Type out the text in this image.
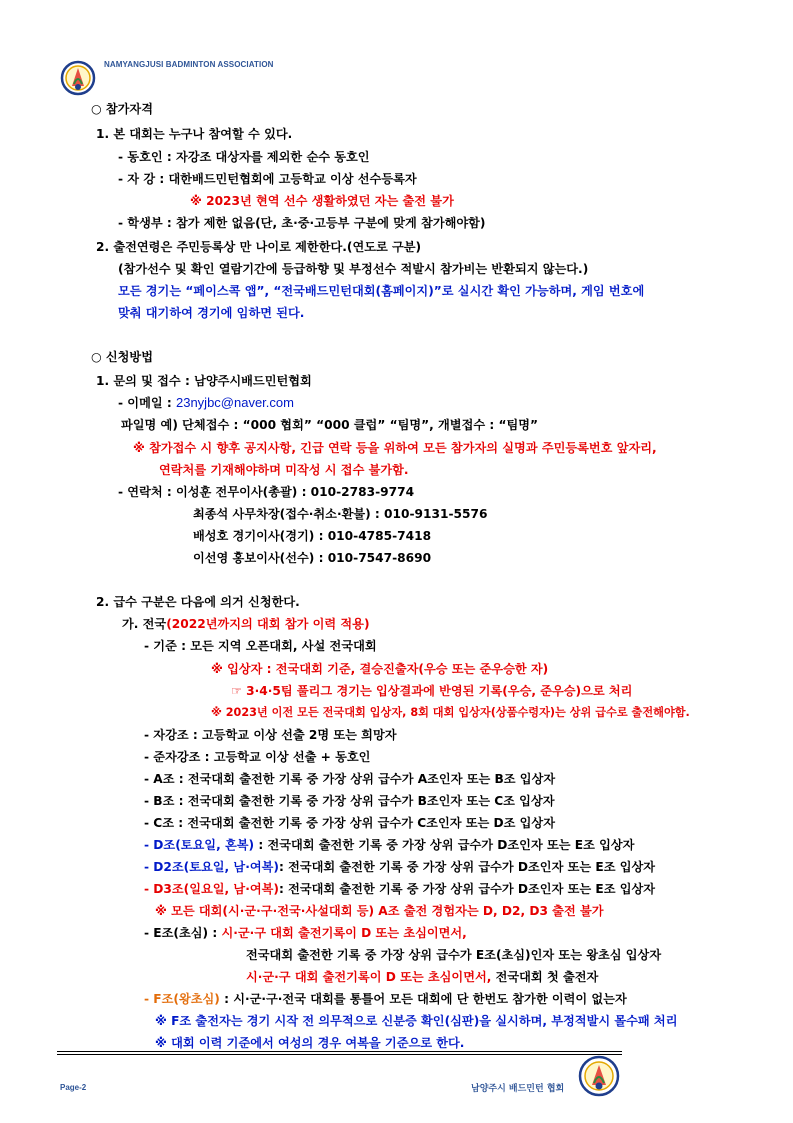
NAMYANGJUSI BADMINTON ASSOCIATION
○ 참가자격
1. 본 대회는 누구나 참여할 수 있다.
- 동호인 : 자강조 대상자를 제외한 순수 동호인
- 자 강 : 대한배드민턴협회에 고등학교 이상 선수등록자
※ 2023년 현역 선수 생활하였던 자는 출전 불가
- 학생부 : 참가 제한 없음(단, 초·중·고등부 구분에 맞게 참가해야함)
2. 출전연령은 주민등록상 만 나이로 제한한다.(연도로 구분)
(참가선수 및 확인 열람기간에 등급하향 및 부정선수 적발시 참가비는 반환되지 않는다.)
모든 경기는 “페이스콕 앱”, “전국배드민턴대회(홈페이지)”로 실시간 확인 가능하며, 게임 번호에
맞춰 대기하여 경기에 임하면 된다.
○ 신청방법
1. 문의 및 접수 : 남양주시배드민턴협회
- 이메일 : 23nyjbc@naver.com
파일명 예) 단체접수 : “000 협회” “000 클럽” “팀명”, 개별접수 : “팀명”
※ 참가접수 시 향후 공지사항, 긴급 연락 등을 위하여 모든 참가자의 실명과 주민등록번호 앞자리,
연락처를 기재해야하며 미작성 시 접수 불가함.
- 연락처 : 이성훈 전무이사(총괄) : 010-2783-9774
최종석 사무차장(접수·취소·환불) : 010-9131-5576
배성호 경기이사(경기) : 010-4785-7418
이선영 홍보이사(선수) : 010-7547-8690
2. 급수 구분은 다음에 의거 신청한다.
가. 전국(2022년까지의 대회 참가 이력 적용)
- 기준 : 모든 지역 오픈대회, 사설 전국대회
※ 입상자 : 전국대회 기준, 결승진출자(우승 또는 준우승한 자)
☞ 3·4·5팀 풀리그 경기는 입상결과에 반영된 기록(우승, 준우승)으로 처리
※ 2023년 이전 모든 전국대회 입상자, 8회 대회 입상자(상품수령자)는 상위 급수로 출전해야함.
- 자강조 : 고등학교 이상 선출 2명 또는 희망자
- 준자강조 : 고등학교 이상 선출 + 동호인
- A조 : 전국대회 출전한 기록 중 가장 상위 급수가 A조인자 또는 B조 입상자
- B조 : 전국대회 출전한 기록 중 가장 상위 급수가 B조인자 또는 C조 입상자
- C조 : 전국대회 출전한 기록 중 가장 상위 급수가 C조인자 또는 D조 입상자
- D조(토요일, 혼복) : 전국대회 출전한 기록 중 가장 상위 급수가 D조인자 또는 E조 입상자
- D2조(토요일, 남·여복): 전국대회 출전한 기록 중 가장 상위 급수가 D조인자 또는 E조 입상자
- D3조(일요일, 남·여복): 전국대회 출전한 기록 중 가장 상위 급수가 D조인자 또는 E조 입상자
※ 모든 대회(시·군·구·전국·사설대회 등) A조 출전 경험자는 D, D2, D3 출전 불가
- E조(초심) : 시·군·구 대회 출전기록이 D 또는 초심이면서,
전국대회 출전한 기록 중 가장 상위 급수가 E조(초심)인자 또는 왕초심 입상자
시·군·구 대회 출전기록이 D 또는 초심이면서, 전국대회 첫 출전자
- F조(왕초심) : 시·군·구·전국 대회를 통틀어 모든 대회에 단 한번도 참가한 이력이 없는자
※ F조 출전자는 경기 시작 전 의무적으로 신분증 확인(심판)을 실시하며, 부정적발시 몰수패 처리
※ 대회 이력 기준에서 여성의 경우 여복을 기준으로 한다.
Page-2	남양주시 배드민턴 협회
